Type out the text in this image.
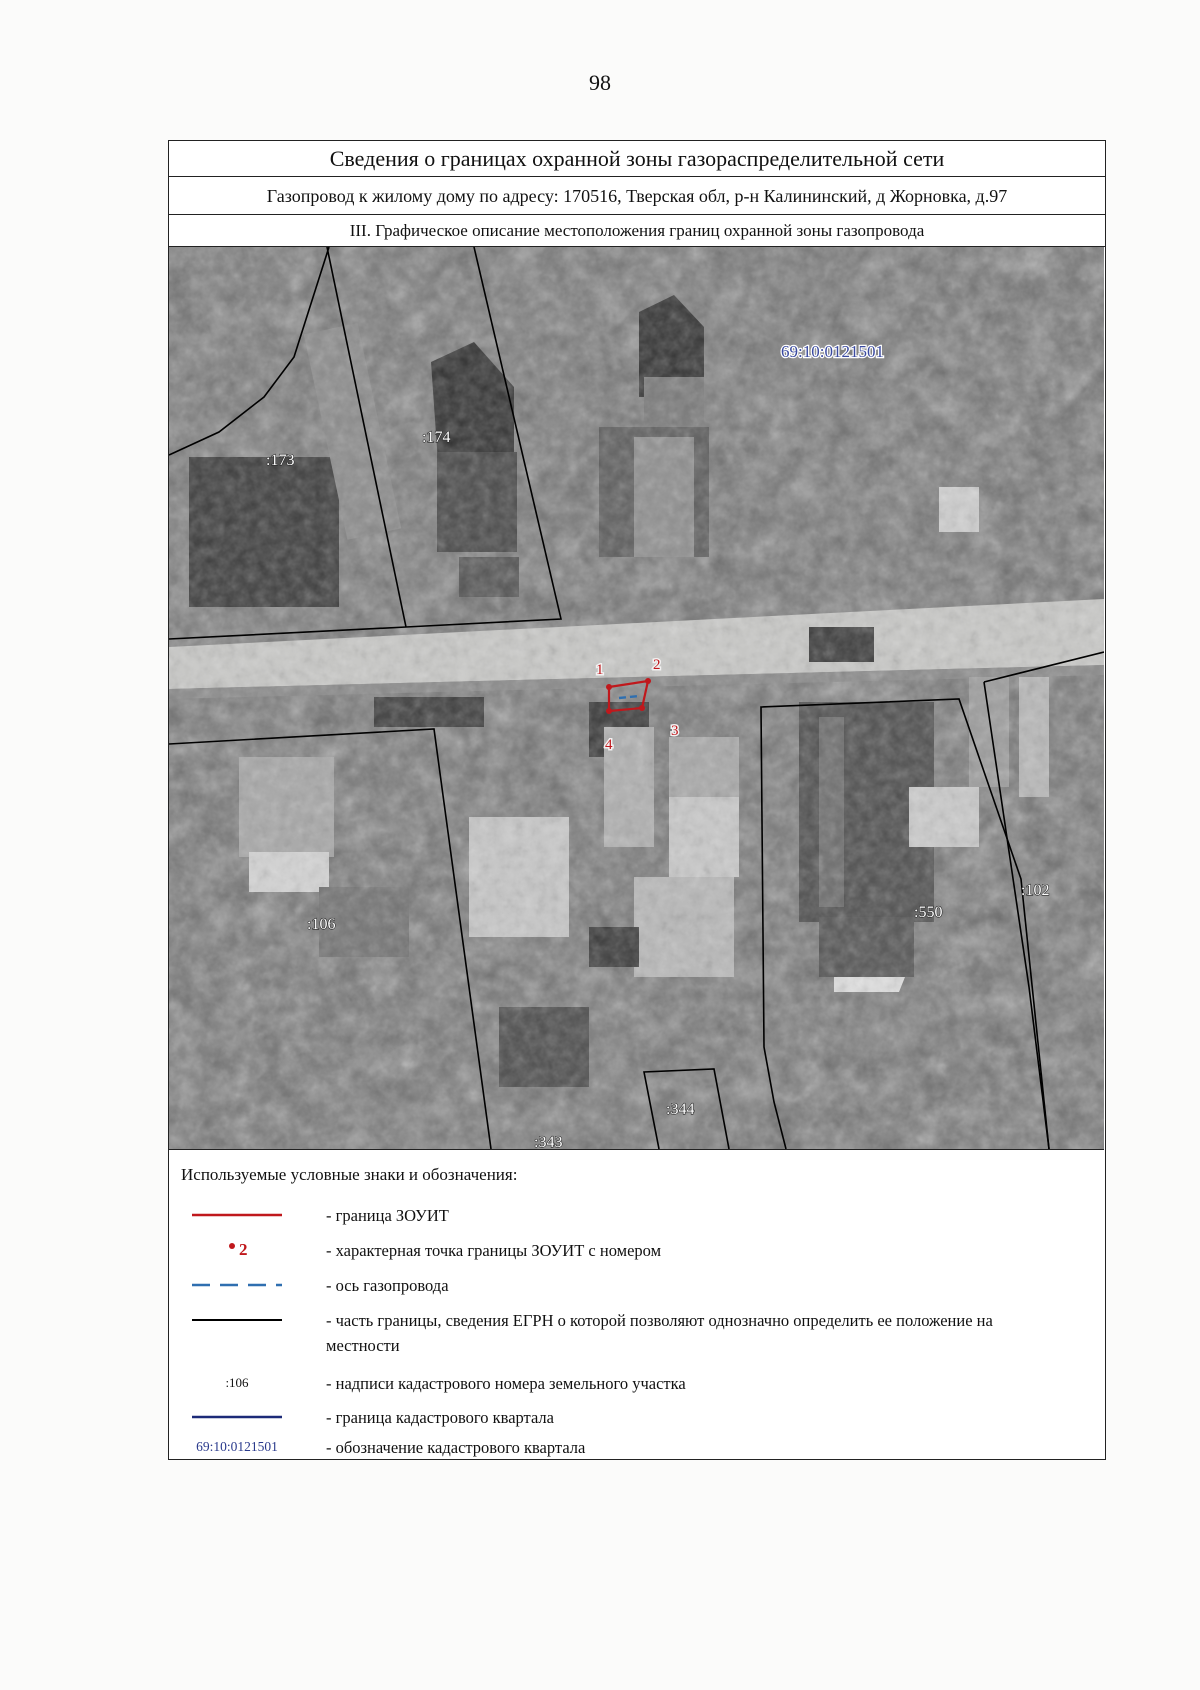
98
Сведения о границах охранной зоны газораспределительной сети
Газопровод к жилому дому по адресу: 170516, Тверская обл, р-н Калининский, д Жорновка, д.97
III. Графическое описание местоположения границ охранной зоны газопровода
1	2
3
4
:173
:174
:106
:550
:102
:344
:343
69:10:0121501
Используемые условные знаки и обозначения:
- граница ЗОУИТ
2	- характерная точка границы ЗОУИТ с номером
- ось газопровода
- часть границы, сведения ЕГРН о которой позволяют однозначно определить ее положение на местности
:106	- надписи кадастрового номера земельного участка
- граница кадастрового квартала
69:10:0121501	- обозначение кадастрового квартала
